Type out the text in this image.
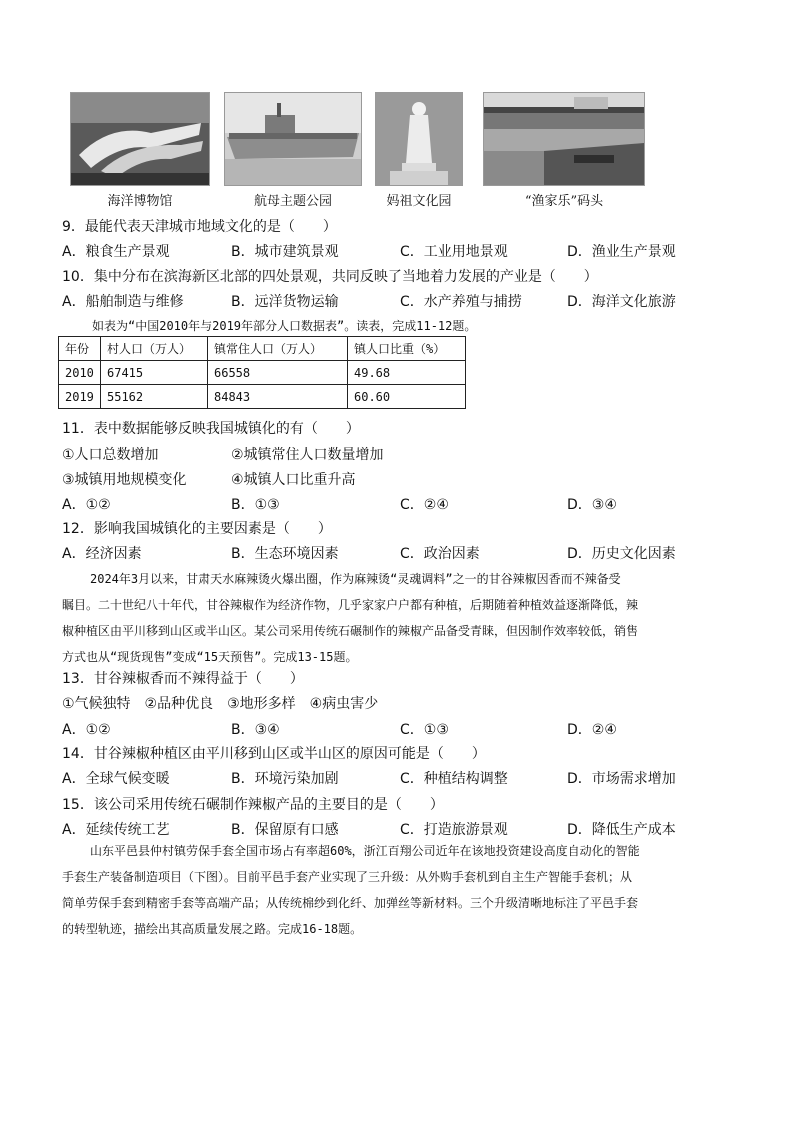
海洋博物馆	航母主题公园	妈祖文化园	“渔家乐”码头
9．最能代表天津城市地域文化的是（　　）
A．粮食生产景观	B．城市建筑景观	C．工业用地景观	D．渔业生产景观
10．集中分布在滨海新区北部的四处景观，共同反映了当地着力发展的产业是（　　）
A．船舶制造与维修	B．远洋货物运输	C．水产养殖与捕捞	D．海洋文化旅游
如表为“中国2010年与2019年部分人口数据表”。读表，完成11-12题。
年份	村人口（万人）	镇常住人口（万人）	镇人口比重（%）
2010	67415	66558	49.68
2019	55162	84843	60.60
11．表中数据能够反映我国城镇化的有（　　）
①人口总数增加	②城镇常住人口数量增加
③城镇用地规模变化	④城镇人口比重升高
A．①②	B．①③	C．②④	D．③④
12．影响我国城镇化的主要因素是（　　）
A．经济因素	B．生态环境因素	C．政治因素	D．历史文化因素
2024年3月以来，甘肃天水麻辣烫火爆出圈，作为麻辣烫“灵魂调料”之一的甘谷辣椒因香而不辣备受
瞩目。二十世纪八十年代，甘谷辣椒作为经济作物，几乎家家户户都有种植，后期随着种植效益逐渐降低，辣
椒种植区由平川移到山区或半山区。某公司采用传统石碾制作的辣椒产品备受青睐，但因制作效率较低，销售
方式也从“现货现售”变成“15天预售”。完成13-15题。
13．甘谷辣椒香而不辣得益于（　　）
①气候独特　②品种优良　③地形多样　④病虫害少
A．①②	B．③④	C．①③	D．②④
14．甘谷辣椒种植区由平川移到山区或半山区的原因可能是（　　）
A．全球气候变暖	B．环境污染加剧	C．种植结构调整	D．市场需求增加
15．该公司采用传统石碾制作辣椒产品的主要目的是（　　）
A．延续传统工艺	B．保留原有口感	C．打造旅游景观	D．降低生产成本
山东平邑县仲村镇劳保手套全国市场占有率超60%，浙江百翔公司近年在该地投资建设高度自动化的智能
手套生产装备制造项目（下图）。目前平邑手套产业实现了三升级：从外购手套机到自主生产智能手套机；从
简单劳保手套到精密手套等高端产品；从传统棉纱到化纤、加弹丝等新材料。三个升级清晰地标注了平邑手套
的转型轨迹，描绘出其高质量发展之路。完成16-18题。
